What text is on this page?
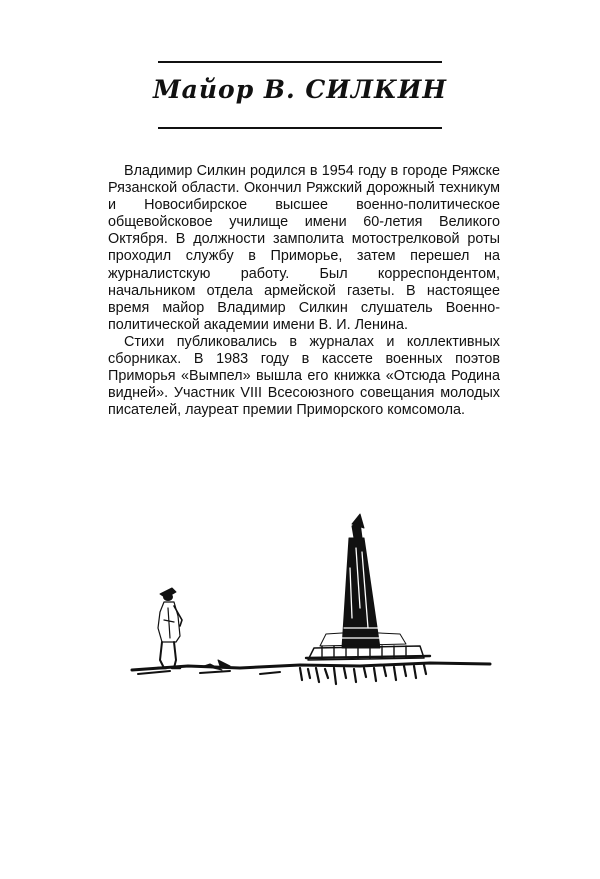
Майор В. СИЛКИН

Владимир Силкин родился в 1954 году в городе Ряжске Рязанской области. Окончил Ряжский дорожный техникум и Новосибирское высшее военно-политическое общевойсковое училище имени 60-летия Великого Октября. В должности замполита мотострелковой роты проходил службу в Приморье, затем перешел на журналистскую работу. Был корреспондентом, начальником отдела армейской газеты. В настоящее время майор Владимир Силкин слушатель Военно-политической академии имени В. И. Ленина.

Стихи публиковались в журналах и коллективных сборниках. В 1983 году в кассете военных поэтов Приморья «Вымпел» вышла его книжка «Отсюда Родина видней». Участник VIII Всесоюзного совещания молодых писателей, лауреат премии Приморского комсомола.
